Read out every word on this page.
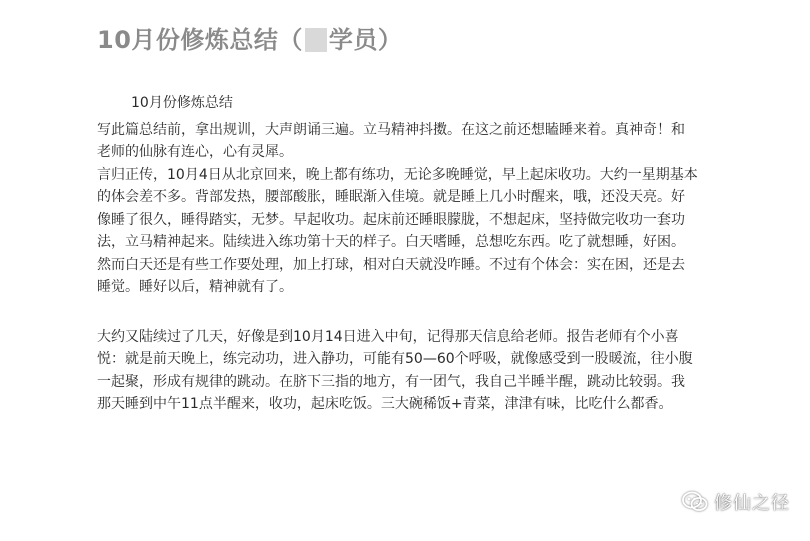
10月份修炼总结（ 学员）
10月份修炼总结
写此篇总结前，拿出规训，大声朗诵三遍。立马精神抖擞。在这之前还想瞌睡来着。真神奇！和
老师的仙脉有连心，心有灵犀。
言归正传，10月4日从北京回来，晚上都有练功，无论多晚睡觉，早上起床收功。大约一星期基本
的体会差不多。背部发热，腰部酸胀，睡眠渐入佳境。就是睡上几小时醒来，哦，还没天亮。好
像睡了很久，睡得踏实，无梦。早起收功。起床前还睡眼朦胧，不想起床，坚持做完收功一套功
法，立马精神起来。陆续进入练功第十天的样子。白天嗜睡，总想吃东西。吃了就想睡，好困。
然而白天还是有些工作要处理，加上打球，相对白天就没咋睡。不过有个体会：实在困，还是去
睡觉。睡好以后，精神就有了。
大约又陆续过了几天，好像是到10月14日进入中旬，记得那天信息给老师。报告老师有个小喜
悦：就是前天晚上，练完动功，进入静功，可能有50—60个呼吸，就像感受到一股暖流，往小腹
一起聚，形成有规律的跳动。在脐下三指的地方，有一团气，我自己半睡半醒，跳动比较弱。我
那天睡到中午11点半醒来，收功，起床吃饭。三大碗稀饭+青菜，津津有味，比吃什么都香。
修仙之径
